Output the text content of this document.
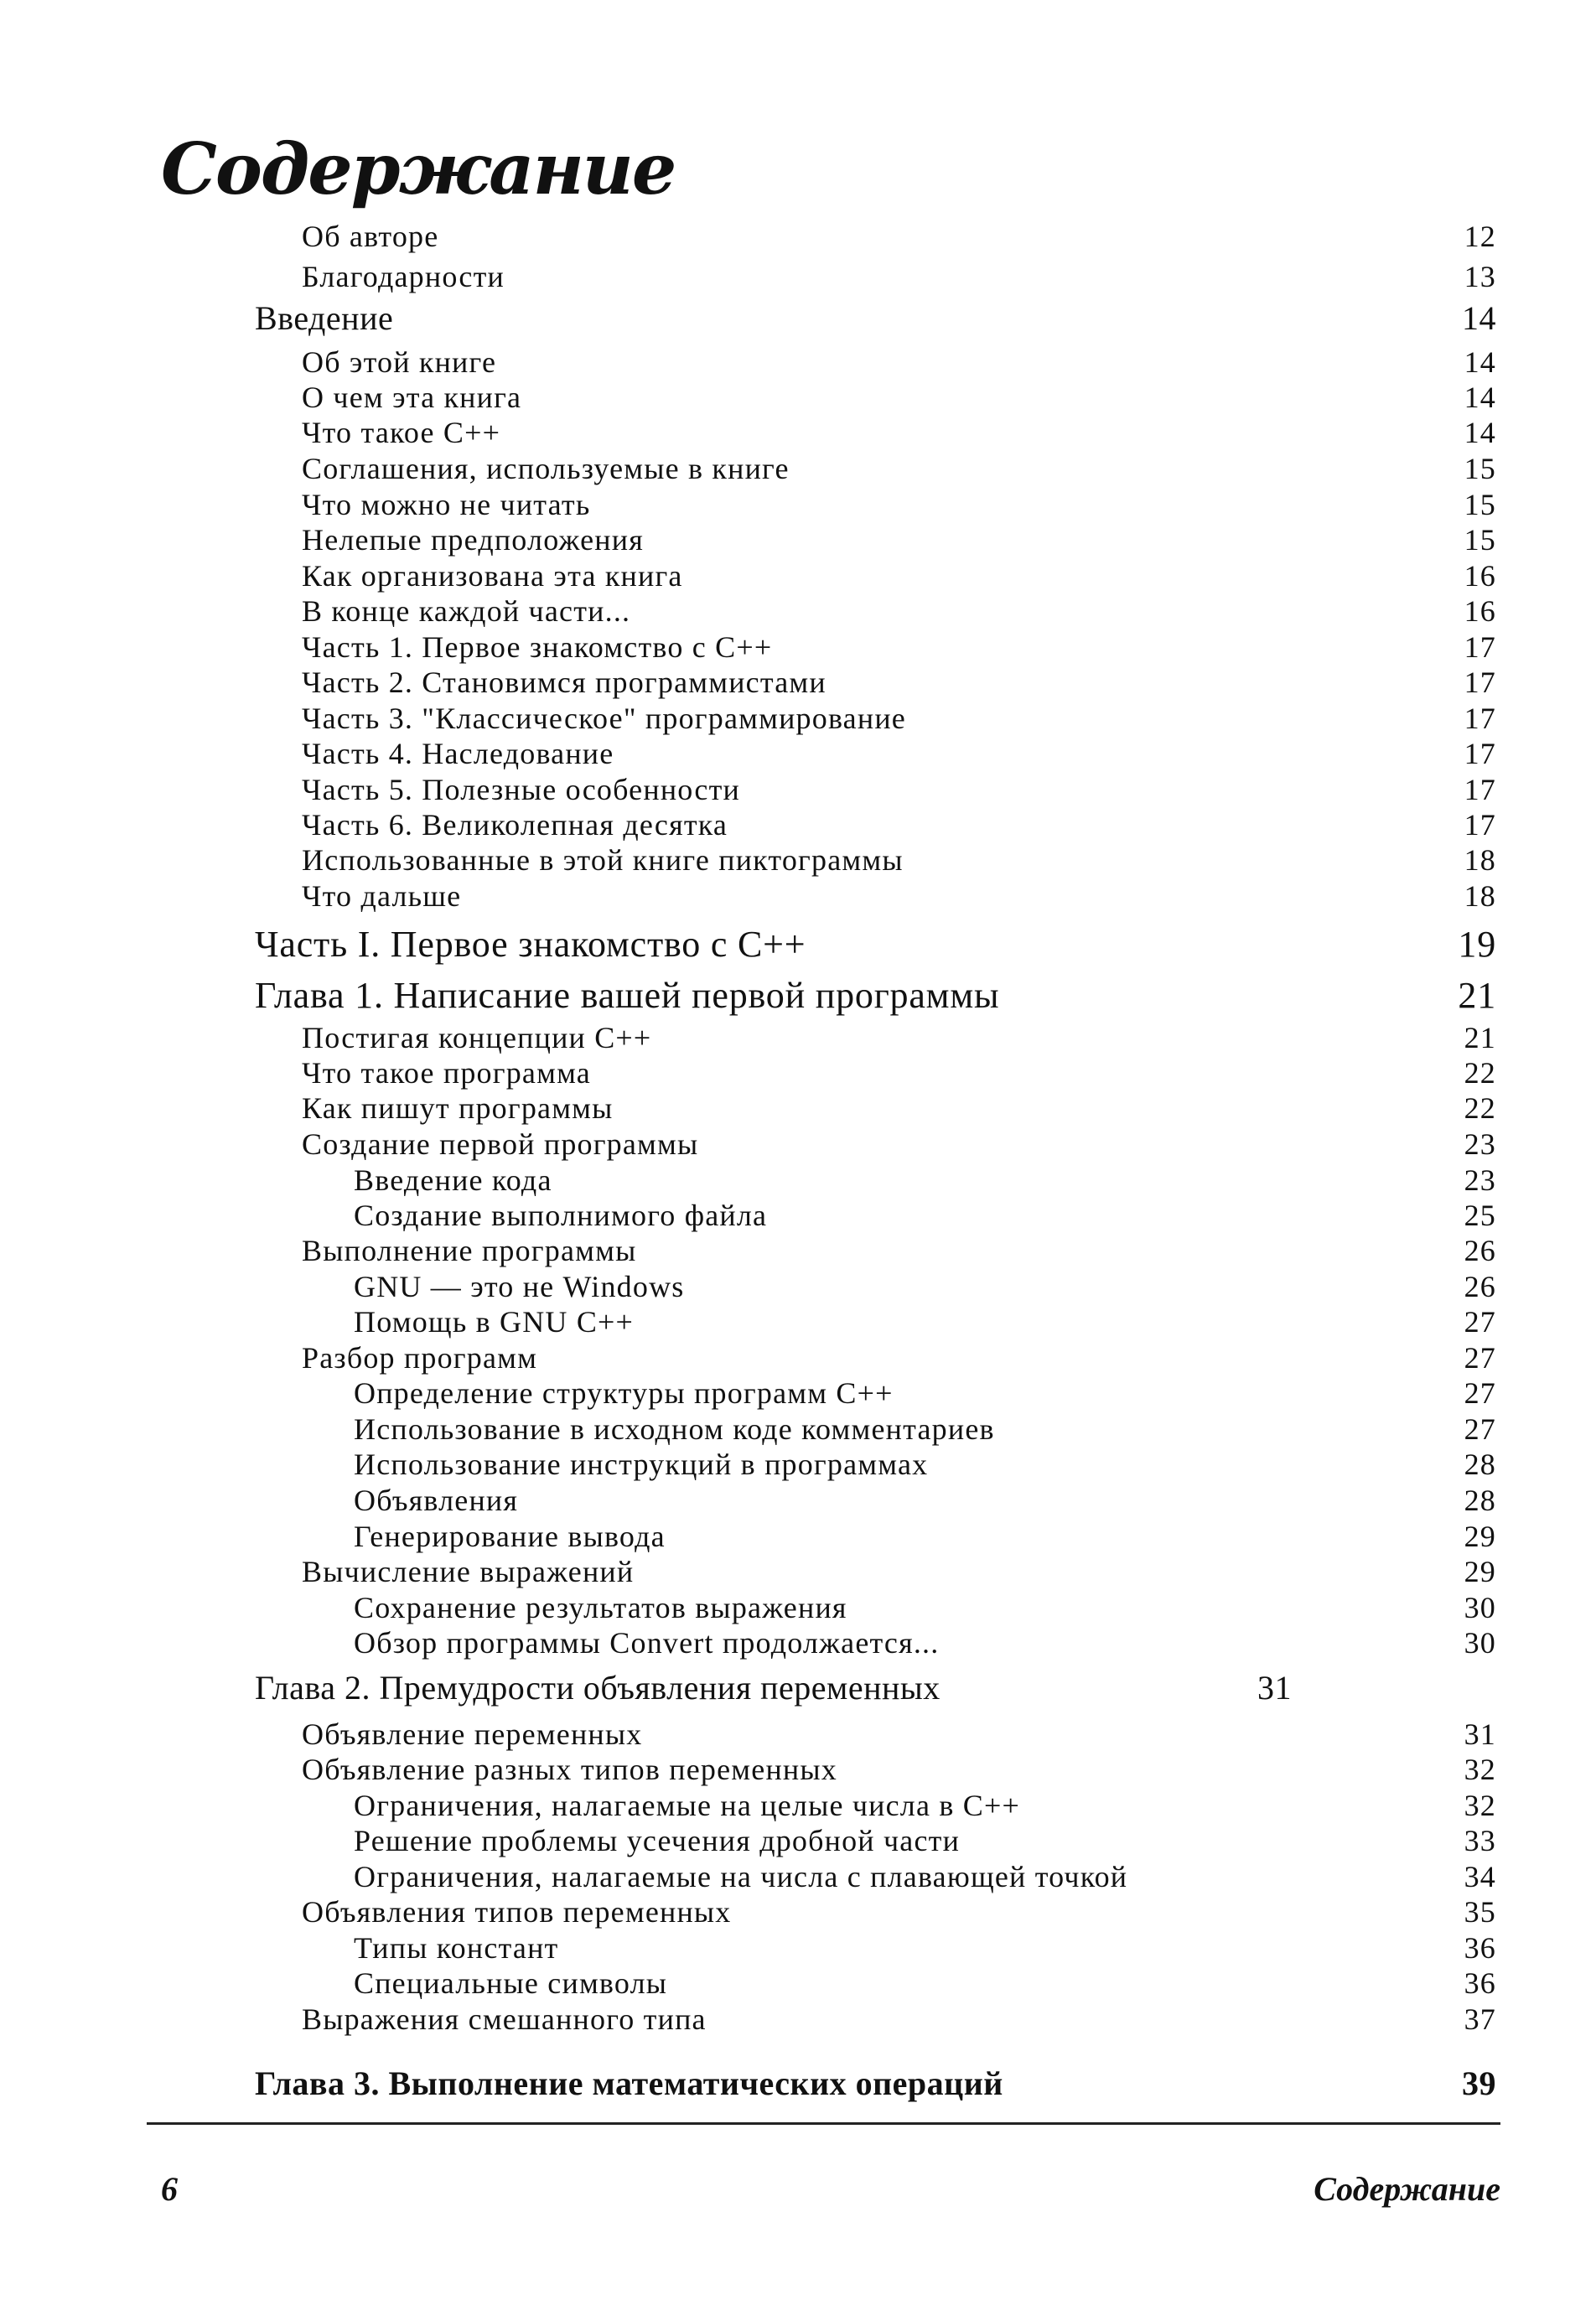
Содержание
Об авторе	12
Благодарности	13
Введение	14
Об этой книге	14
О чем эта книга	14
Что такое С++	14
Соглашения, используемые в книге	15
Что можно не читать	15
Нелепые предположения	15
Как организована эта книга	16
В конце каждой части...	16
Часть 1. Первое знакомство с С++	17
Часть 2. Становимся программистами	17
Часть 3. "Классическое" программирование	17
Часть 4. Наследование	17
Часть 5. Полезные особенности	17
Часть 6. Великолепная десятка	17
Использованные в этой книге пиктограммы	18
Что дальше	18
Часть I. Первое знакомство с С++	19
Глава 1. Написание вашей первой программы	21
Постигая концепции С++	21
Что такое программа	22
Как пишут программы	22
Создание первой программы	23
Введение кода	23
Создание выполнимого файла	25
Выполнение программы	26
GNU — это не Windows	26
Помощь в GNU С++	27
Разбор программ	27
Определение структуры программ С++	27
Использование в исходном коде комментариев	27
Использование инструкций в программах	28
Объявления	28
Генерирование вывода	29
Вычисление выражений	29
Сохранение результатов выражения	30
Обзор программы Convert продолжается...	30
Глава 2. Премудрости объявления переменных	31
Объявление переменных	31
Объявление разных типов переменных	32
Ограничения, налагаемые на целые числа в С++	32
Решение проблемы усечения дробной части	33
Ограничения, налагаемые на числа с плавающей точкой	34
Объявления типов переменных	35
Типы констант	36
Специальные символы	36
Выражения смешанного типа	37
Глава 3. Выполнение математических операций	39
6	Содержание
